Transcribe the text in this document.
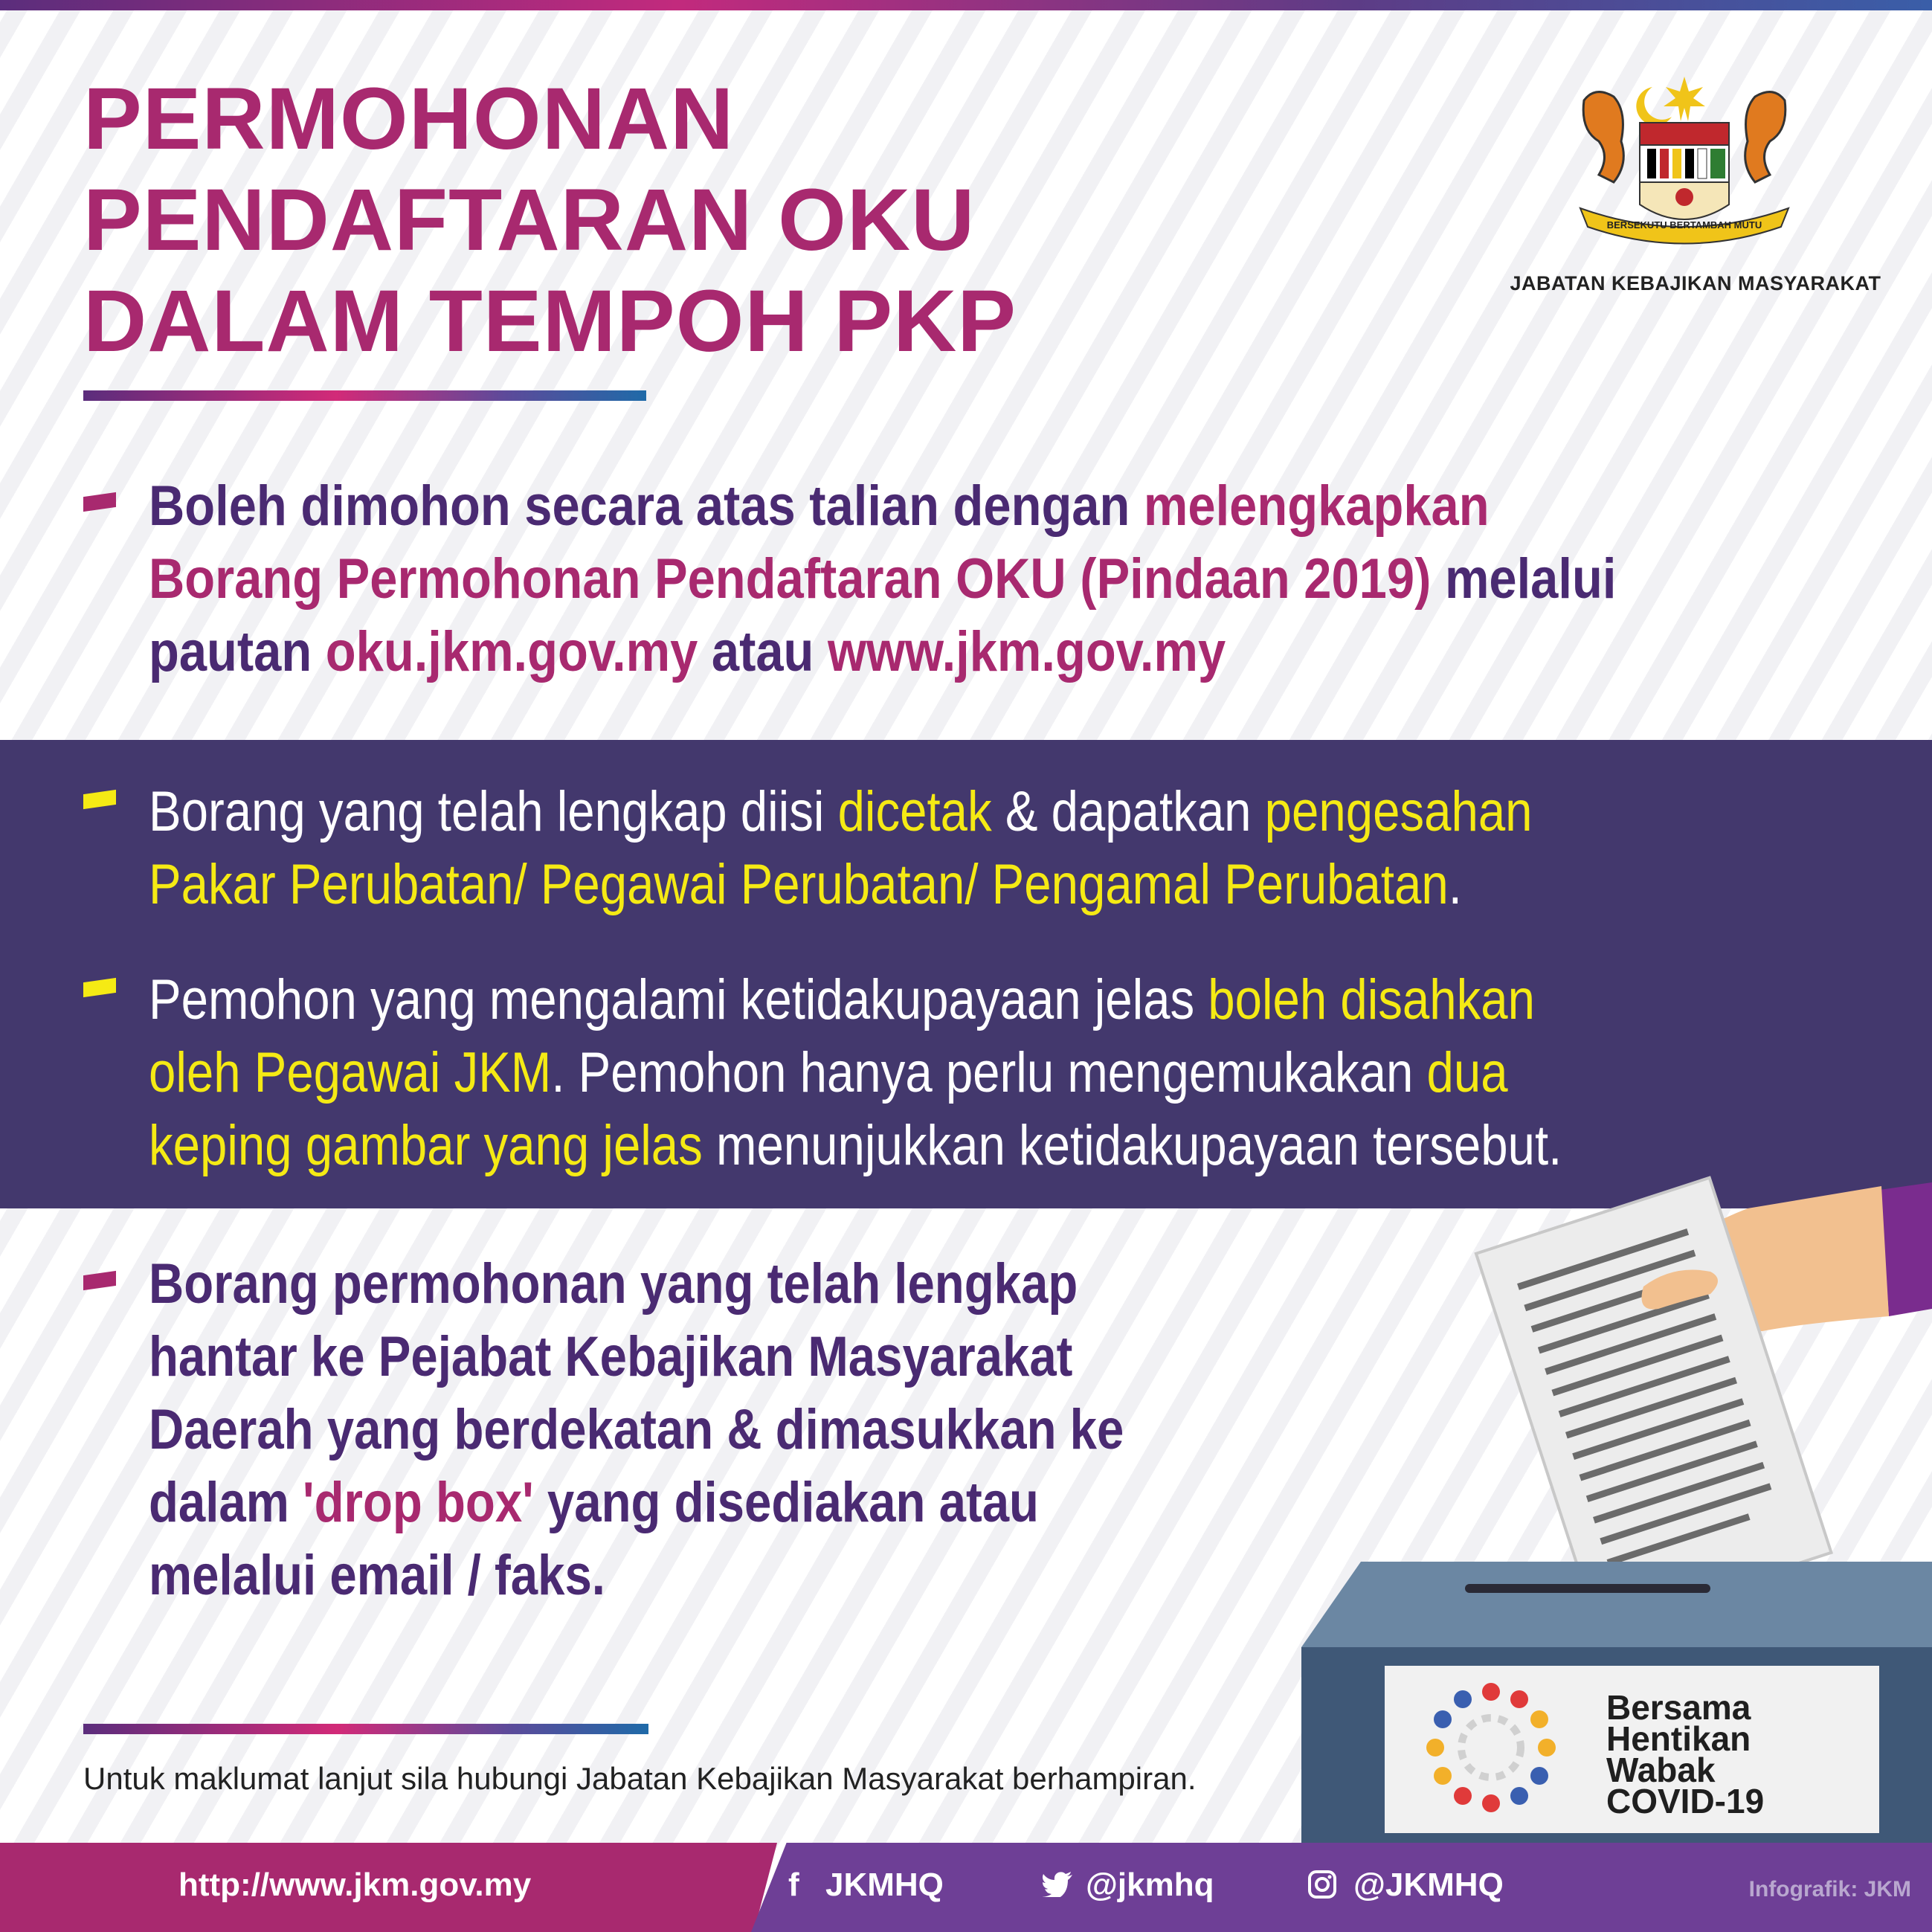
PERMOHONAN
PENDAFTARAN OKU
DALAM TEMPOH PKP
BERSEKUTU BERTAMBAH MUTU
JABATAN KEBAJIKAN MASYARAKAT
Boleh dimohon secara atas talian dengan melengkapkan Borang Permohonan Pendaftaran OKU (Pindaan 2019) melalui pautan oku.jkm.gov.my atau www.jkm.gov.my
Borang yang telah lengkap diisi dicetak & dapatkan pengesahan Pakar Perubatan/ Pegawai Perubatan/ Pengamal Perubatan.
Pemohon yang mengalami ketidakupayaan jelas boleh disahkan oleh Pegawai JKM. Pemohon hanya perlu mengemukakan dua keping gambar yang jelas menunjukkan ketidakupayaan tersebut.
Bersama
Hentikan
Wabak
COVID-19
Borang permohonan yang telah lengkap hantar ke Pejabat Kebajikan Masyarakat Daerah yang berdekatan & dimasukkan ke dalam 'drop box' yang disediakan atau melalui email / faks.
Untuk maklumat lanjut sila hubungi Jabatan Kebajikan Masyarakat berhampiran.
http://www.jkm.gov.my	f JKMHQ	@jkmhq	@JKMHQ	Infografik: JKM
